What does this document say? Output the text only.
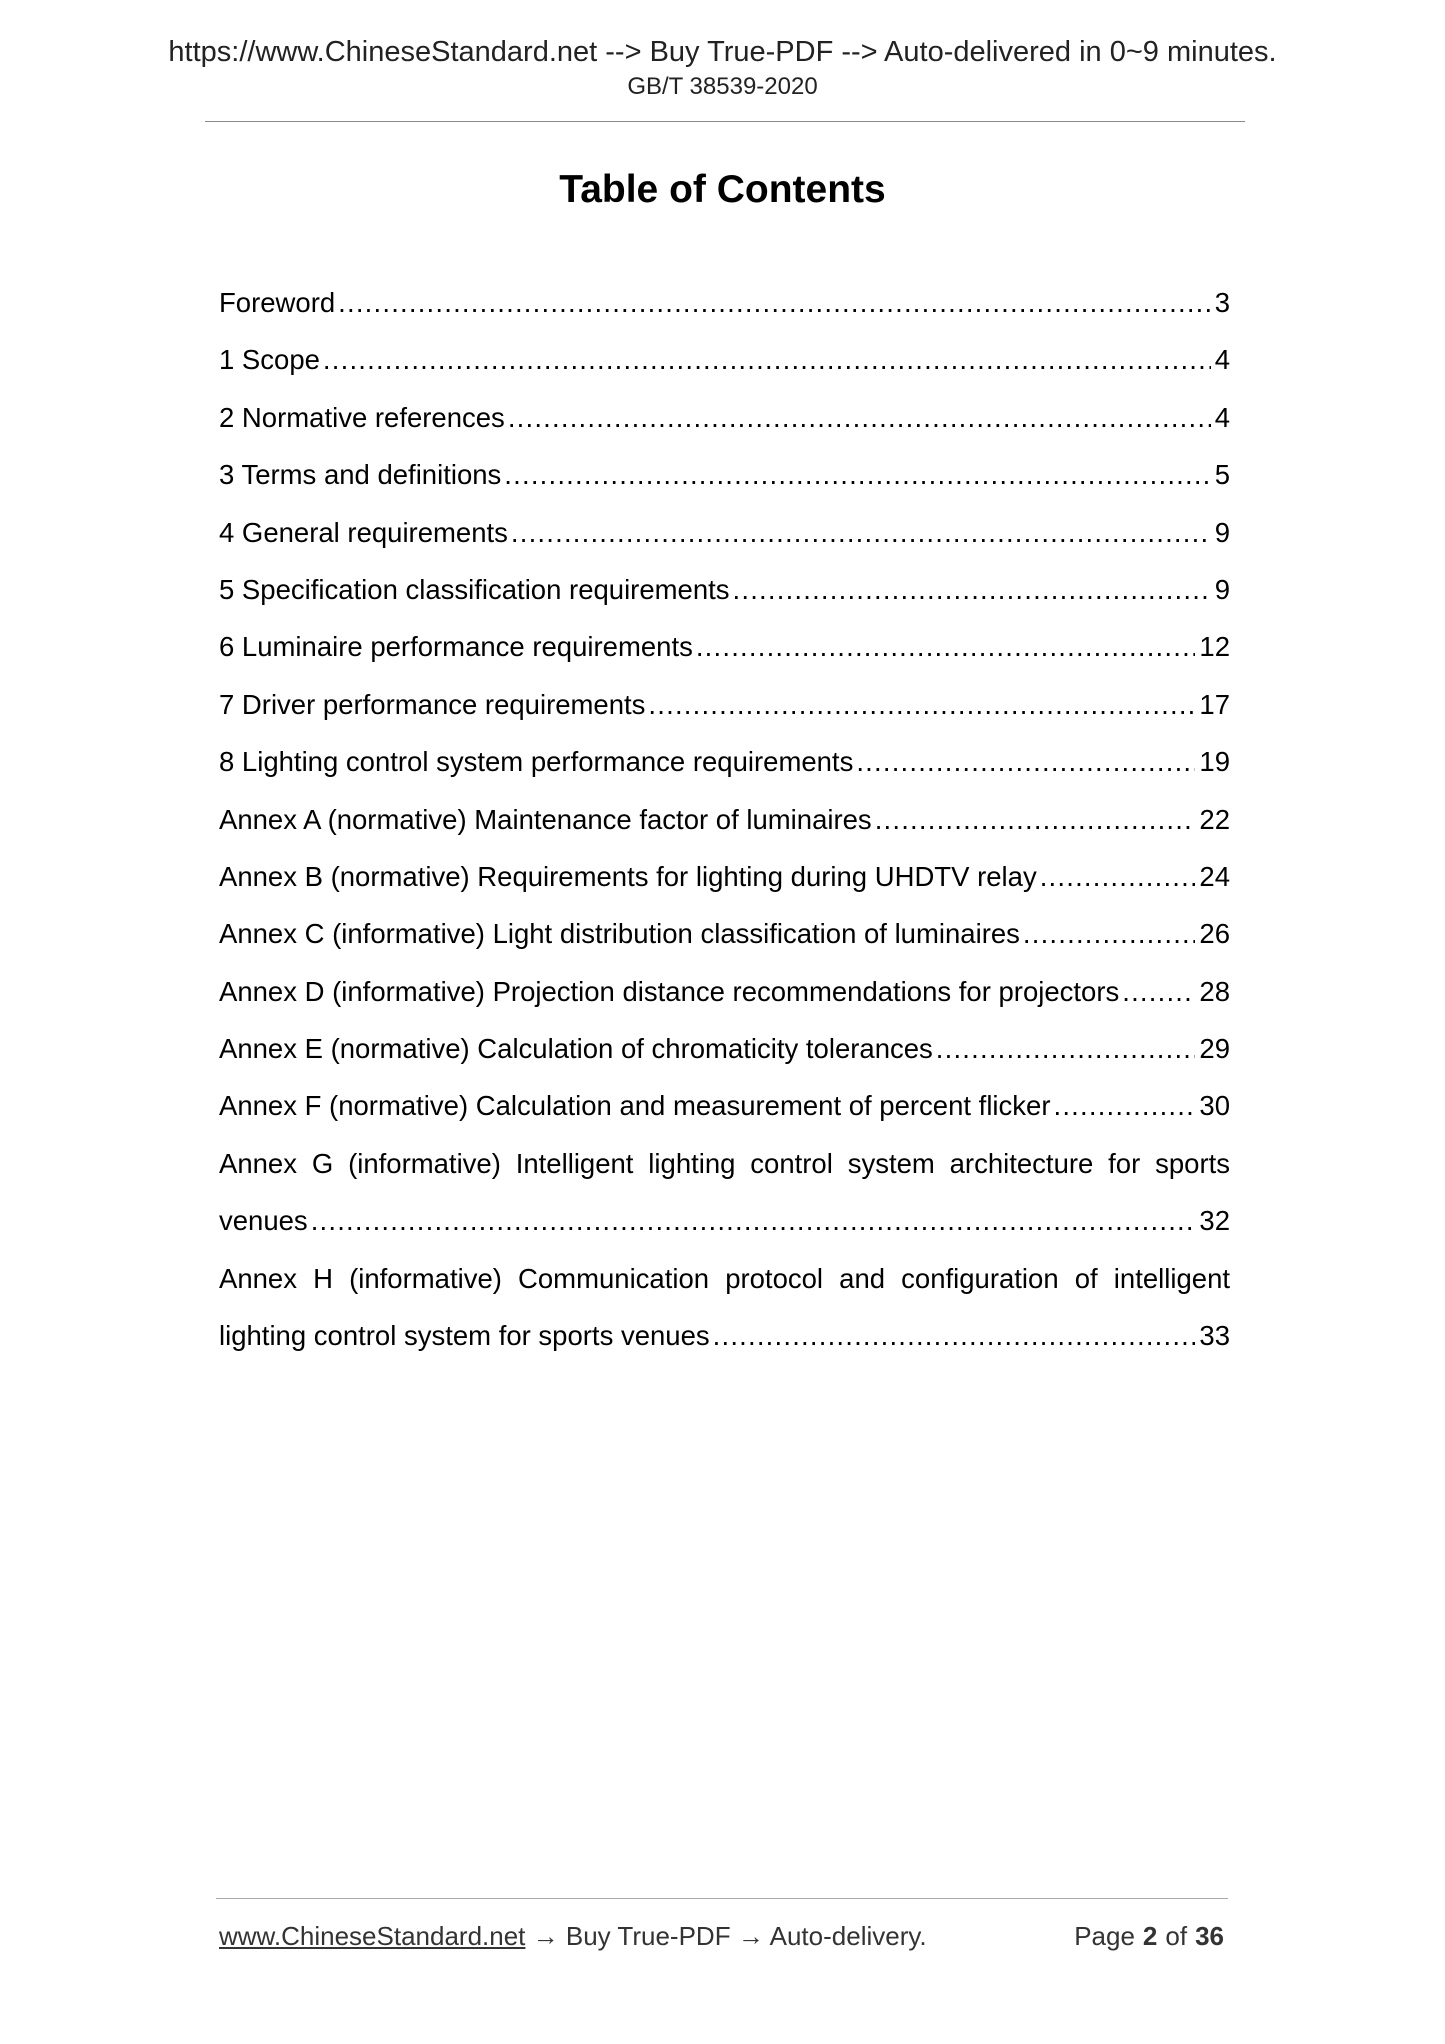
https://www.ChineseStandard.net --> Buy True-PDF --> Auto-delivered in 0~9 minutes.
GB/T 38539-2020
Table of Contents
Foreword .....	3
1 Scope .....	4
2 Normative references .....	4
3 Terms and definitions .....	5
4 General requirements .....	9
5 Specification classification requirements .....	9
6 Luminaire performance requirements .....	12
7 Driver performance requirements .....	17
8 Lighting control system performance requirements .....	19
Annex A (normative) Maintenance factor of luminaires .....	22
Annex B (normative) Requirements for lighting during UHDTV relay .....	24
Annex C (informative) Light distribution classification of luminaires .....	26
Annex D (informative) Projection distance recommendations for projectors .....	28
Annex E (normative) Calculation of chromaticity tolerances .....	29
Annex F (normative) Calculation and measurement of percent flicker .....	30
Annex G (informative) Intelligent lighting control system architecture for sports
venues .....	32
Annex H (informative) Communication protocol and configuration of intelligent
lighting control system for sports venues .....	33
www.ChineseStandard.net → Buy True-PDF → Auto-delivery.	Page 2 of 36
